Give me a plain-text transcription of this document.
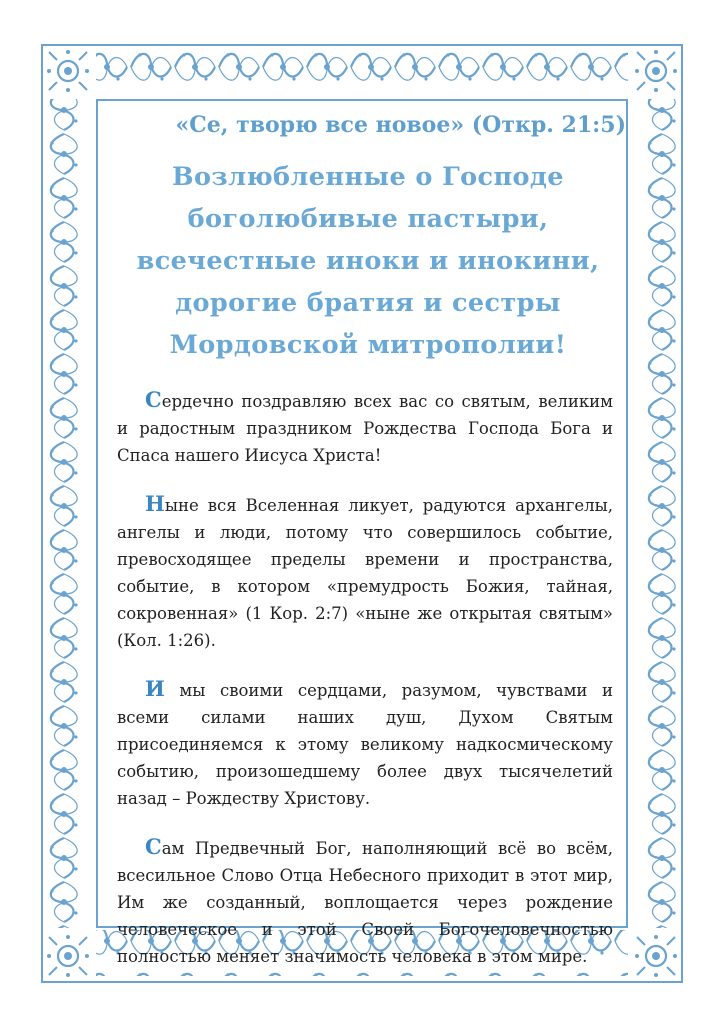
«Се, творю все новое» (Откр. 21:5)
Возлюбленные о Господе
боголюбивые пастыри,
всечестные иноки и инокини,
дорогие братия и сестры
Мордовской митрополии!

Сердечно поздравляю всех вас со святым, великим и радостным праздником Рождества Господа Бога и Спаса нашего Иисуса Христа!

Ныне вся Вселенная ликует, радуются архангелы, ангелы и люди, потому что совершилось событие, превосходящее пределы времени и пространства, событие, в котором «премудрость Божия, тайная, сокровенная» (1 Кор. 2:7) «ныне же открытая святым» (Кол. 1:26).

И мы своими сердцами, разумом, чувствами и всеми силами наших душ, Духом Святым присоединяемся к этому великому надкосмическому событию, произошедшему более двух тысячелетий назад – Рождеству Христову.

Сам Предвечный Бог, наполняющий всё во всём, всесильное Слово Отца Небесного приходит в этот мир, Им же созданный, воплощается через рождение человеческое и этой Своей Богочеловечностью полностью меняет значимость человека в этом мире.
